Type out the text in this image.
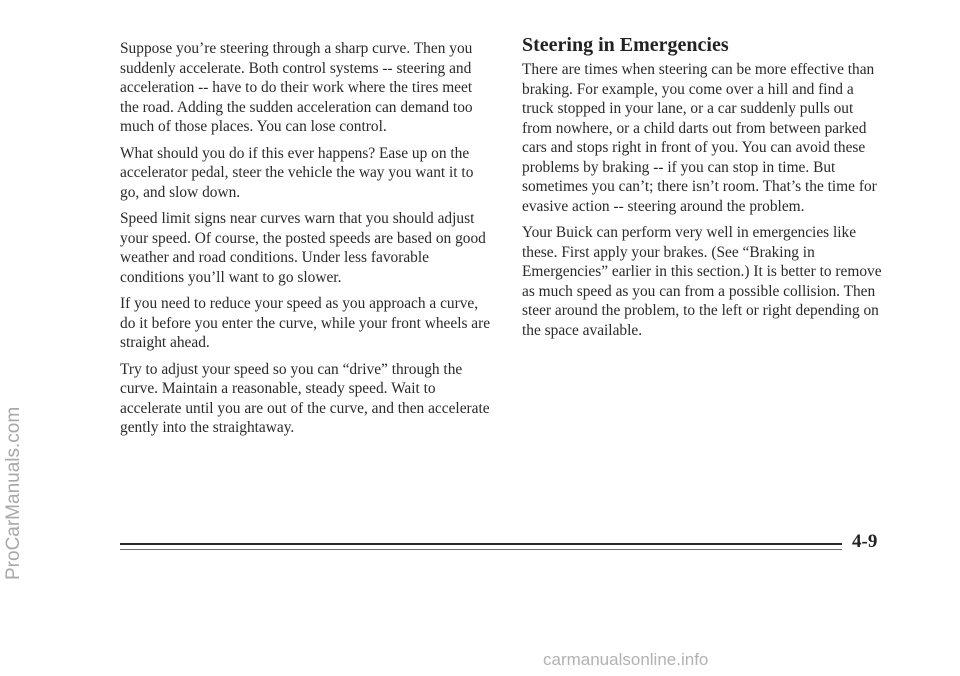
ProCarManuals.com

Suppose you’re steering through a sharp curve. Then you suddenly accelerate. Both control systems -- steering and acceleration -- have to do their work where the tires meet the road. Adding the sudden acceleration can demand too much of those places. You can lose control.

What should you do if this ever happens? Ease up on the accelerator pedal, steer the vehicle the way you want it to go, and slow down.

Speed limit signs near curves warn that you should adjust your speed. Of course, the posted speeds are based on good weather and road conditions. Under less favorable conditions you’ll want to go slower.

If you need to reduce your speed as you approach a curve, do it before you enter the curve, while your front wheels are straight ahead.

Try to adjust your speed so you can “drive” through the curve. Maintain a reasonable, steady speed. Wait to accelerate until you are out of the curve, and then accelerate gently into the straightaway.

Steering in Emergencies

There are times when steering can be more effective than braking. For example, you come over a hill and find a truck stopped in your lane, or a car suddenly pulls out from nowhere, or a child darts out from between parked cars and stops right in front of you. You can avoid these problems by braking -- if you can stop in time. But sometimes you can’t; there isn’t room. That’s the time for evasive action -- steering around the problem.

Your Buick can perform very well in emergencies like these. First apply your brakes. (See “Braking in Emergencies” earlier in this section.) It is better to remove as much speed as you can from a possible collision. Then steer around the problem, to the left or right depending on the space available.

4-9
carmanualsonline.info
